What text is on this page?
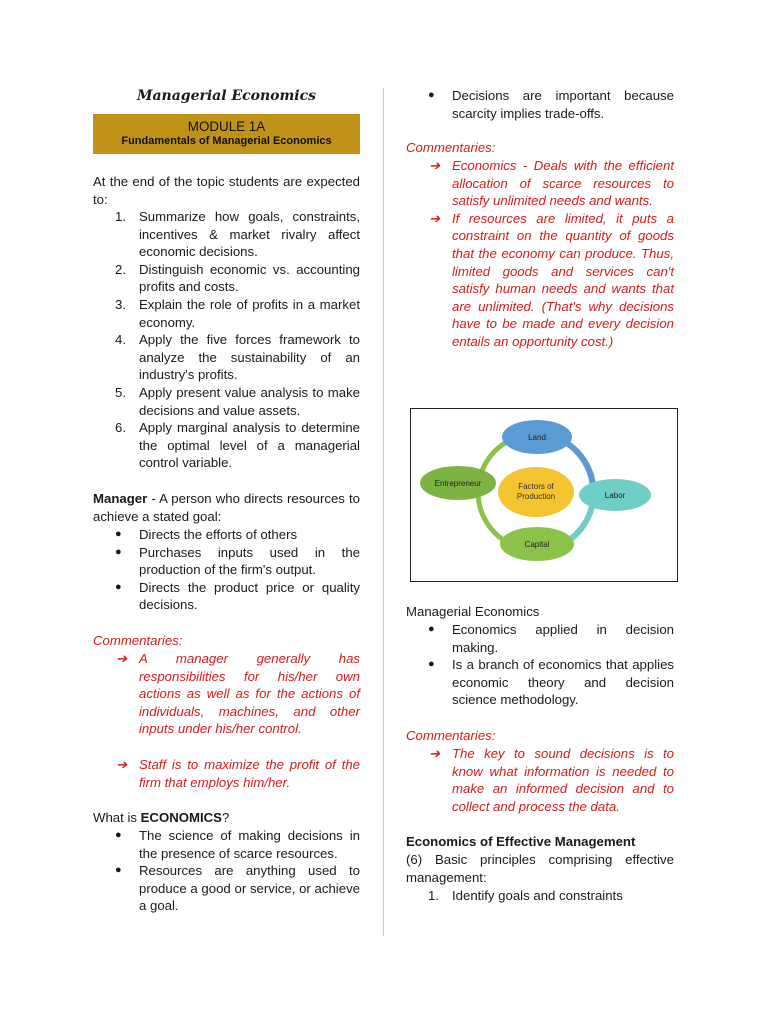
Managerial Economics
MODULE 1A
Fundamentals of Managerial Economics
At the end of the topic students are expected to:
1. Summarize how goals, constraints, incentives & market rivalry affect economic decisions.
2. Distinguish economic vs. accounting profits and costs.
3. Explain the role of profits in a market economy.
4. Apply the five forces framework to analyze the sustainability of an industry's profits.
5. Apply present value analysis to make decisions and value assets.
6. Apply marginal analysis to determine the optimal level of a managerial control variable.
Manager - A person who directs resources to achieve a stated goal:
● Directs the efforts of others
● Purchases inputs used in the production of the firm's output.
● Directs the product price or quality decisions.
Commentaries:
➔ A manager generally has responsibilities for his/her own actions as well as for the actions of individuals, machines, and other inputs under his/her control.
➔ Staff is to maximize the profit of the firm that employs him/her.
What is ECONOMICS?
● The science of making decisions in the presence of scarce resources.
● Resources are anything used to produce a good or service, or achieve a goal.
● Decisions are important because scarcity implies trade-offs.
Commentaries:
➔ Economics - Deals with the efficient allocation of scarce resources to satisfy unlimited needs and wants.
➔ If resources are limited, it puts a constraint on the quantity of goods that the economy can produce. Thus, limited goods and services can't satisfy human needs and wants that are unlimited. (That's why decisions have to be made and every decision entails an opportunity cost.)
Factors of
Production
Land
Labor
Capital
Entrepreneur
Managerial Economics
● Economics applied in decision making.
● Is a branch of economics that applies economic theory and decision science methodology.
Commentaries:
➔ The key to sound decisions is to know what information is needed to make an informed decision and to collect and process the data.
Economics of Effective Management
(6) Basic principles comprising effective management:
1. Identify goals and constraints
